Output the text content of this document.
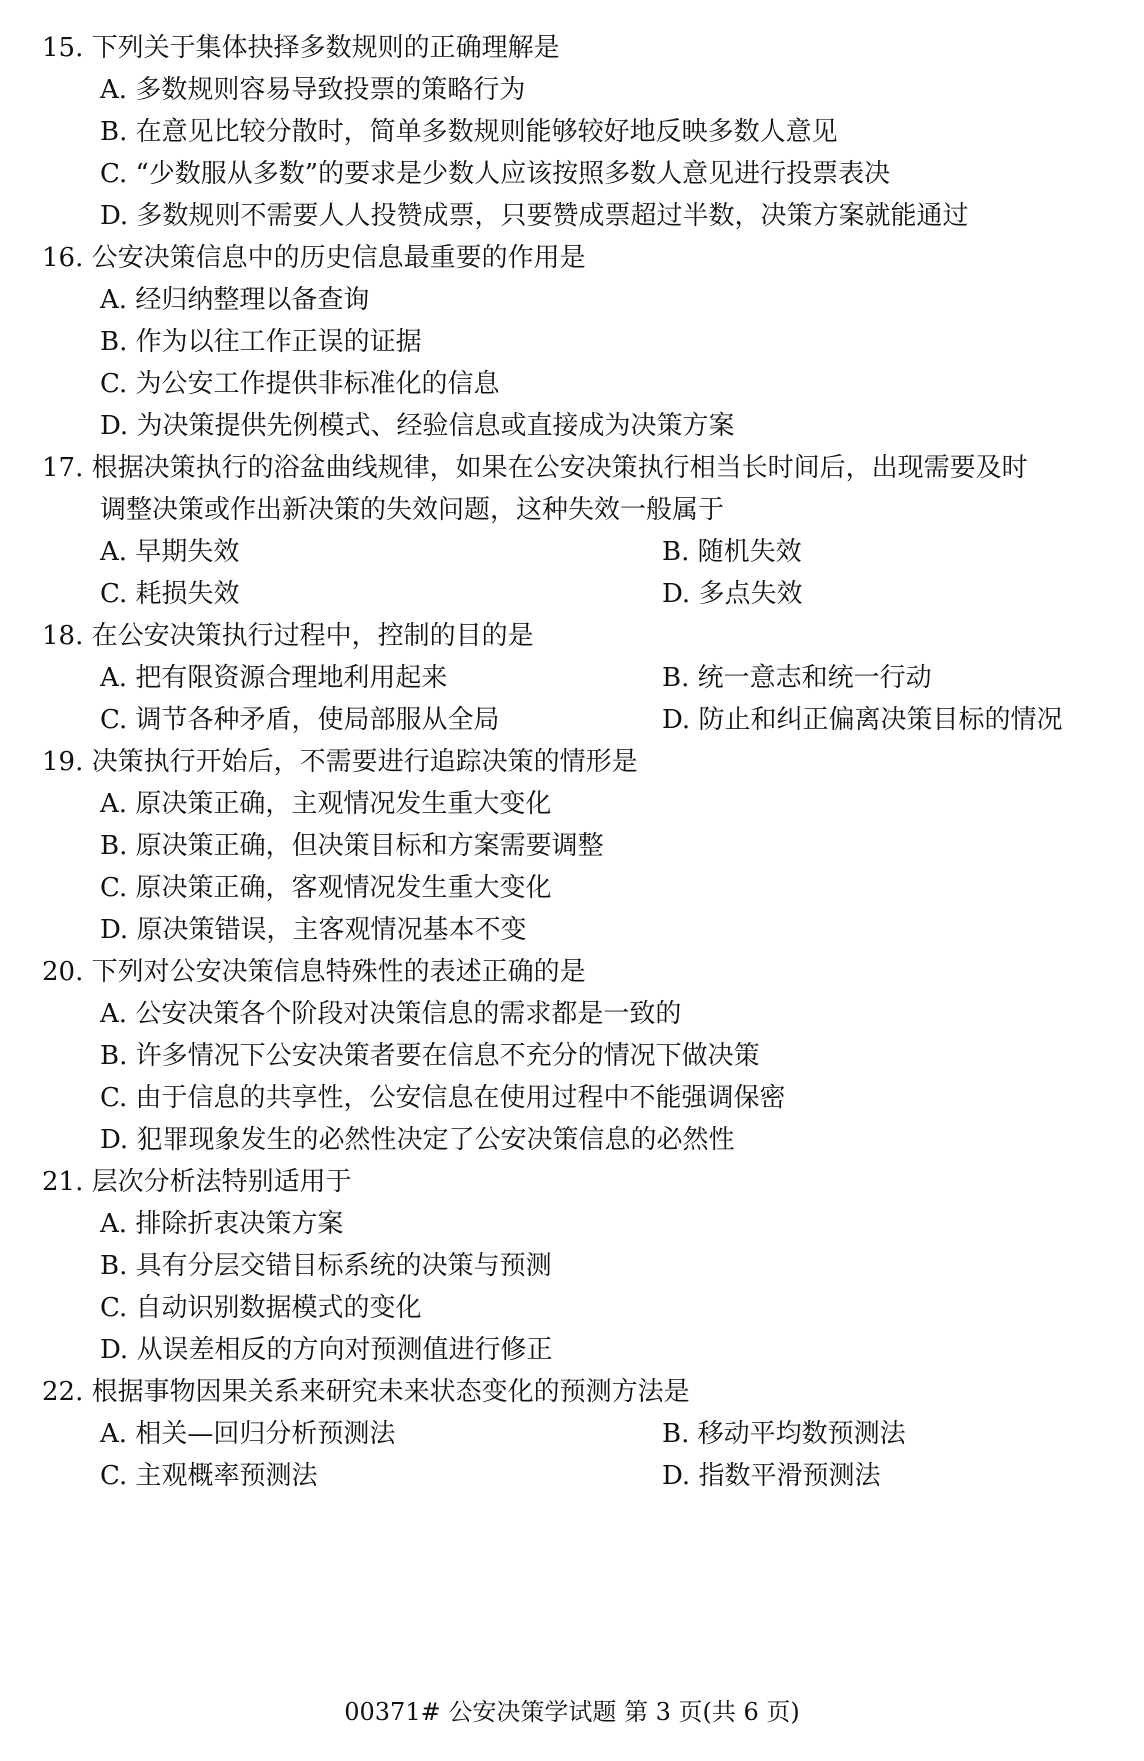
15. 下列关于集体抉择多数规则的正确理解是
A. 多数规则容易导致投票的策略行为
B. 在意见比较分散时，简单多数规则能够较好地反映多数人意见
C. “少数服从多数”的要求是少数人应该按照多数人意见进行投票表决
D. 多数规则不需要人人投赞成票，只要赞成票超过半数，决策方案就能通过
16. 公安决策信息中的历史信息最重要的作用是
A. 经归纳整理以备查询
B. 作为以往工作正误的证据
C. 为公安工作提供非标准化的信息
D. 为决策提供先例模式、经验信息或直接成为决策方案
17. 根据决策执行的浴盆曲线规律，如果在公安决策执行相当长时间后，出现需要及时
调整决策或作出新决策的失效问题，这种失效一般属于
A. 早期失效	B. 随机失效
C. 耗损失效	D. 多点失效
18. 在公安决策执行过程中，控制的目的是
A. 把有限资源合理地利用起来	B. 统一意志和统一行动
C. 调节各种矛盾，使局部服从全局	D. 防止和纠正偏离决策目标的情况
19. 决策执行开始后，不需要进行追踪决策的情形是
A. 原决策正确，主观情况发生重大变化
B. 原决策正确，但决策目标和方案需要调整
C. 原决策正确，客观情况发生重大变化
D. 原决策错误，主客观情况基本不变
20. 下列对公安决策信息特殊性的表述正确的是
A. 公安决策各个阶段对决策信息的需求都是一致的
B. 许多情况下公安决策者要在信息不充分的情况下做决策
C. 由于信息的共享性，公安信息在使用过程中不能强调保密
D. 犯罪现象发生的必然性决定了公安决策信息的必然性
21. 层次分析法特别适用于
A. 排除折衷决策方案
B. 具有分层交错目标系统的决策与预测
C. 自动识别数据模式的变化
D. 从误差相反的方向对预测值进行修正
22. 根据事物因果关系来研究未来状态变化的预测方法是
A. 相关—回归分析预测法	B. 移动平均数预测法
C. 主观概率预测法	D. 指数平滑预测法
00371# 公安决策学试题 第 3 页(共 6 页)
